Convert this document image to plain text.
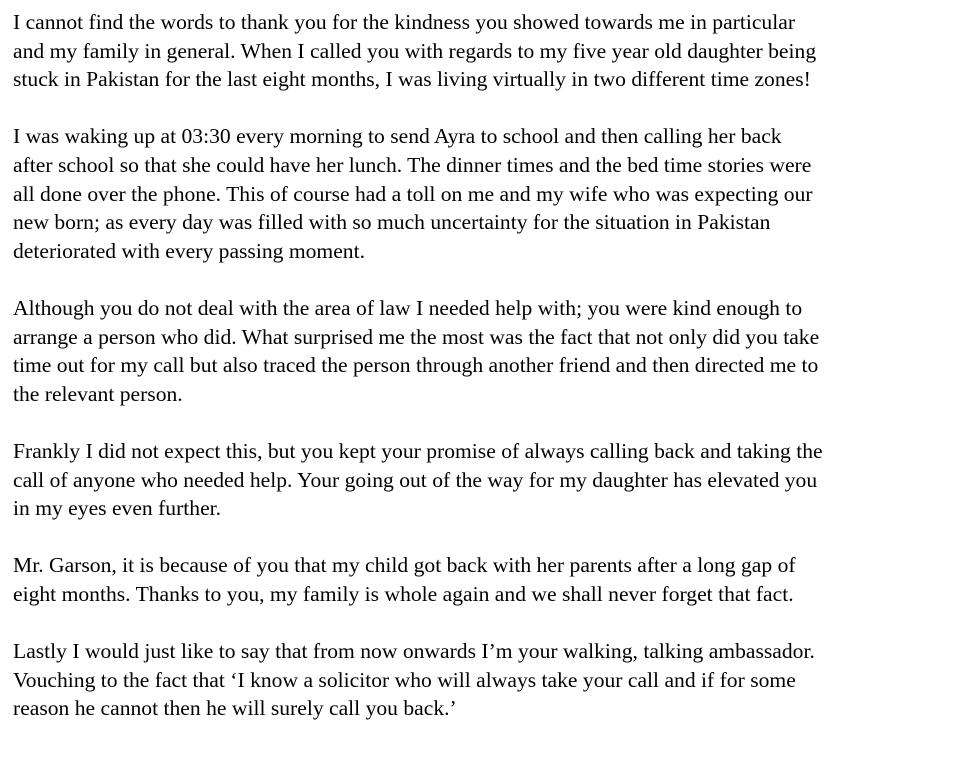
I cannot find the words to thank you for the kindness you showed towards me in particular
and my family in general. When I called you with regards to my five year old daughter being
stuck in Pakistan for the last eight months, I was living virtually in two different time zones!

I was waking up at 03:30 every morning to send Ayra to school and then calling her back
after school so that she could have her lunch. The dinner times and the bed time stories were
all done over the phone. This of course had a toll on me and my wife who was expecting our
new born; as every day was filled with so much uncertainty for the situation in Pakistan
deteriorated with every passing moment.

Although you do not deal with the area of law I needed help with; you were kind enough to
arrange a person who did. What surprised me the most was the fact that not only did you take
time out for my call but also traced the person through another friend and then directed me to
the relevant person.

Frankly I did not expect this, but you kept your promise of always calling back and taking the
call of anyone who needed help. Your going out of the way for my daughter has elevated you
in my eyes even further.

Mr. Garson, it is because of you that my child got back with her parents after a long gap of
eight months. Thanks to you, my family is whole again and we shall never forget that fact.

Lastly I would just like to say that from now onwards I’m your walking, talking ambassador.
Vouching to the fact that ‘I know a solicitor who will always take your call and if for some
reason he cannot then he will surely call you back.’
